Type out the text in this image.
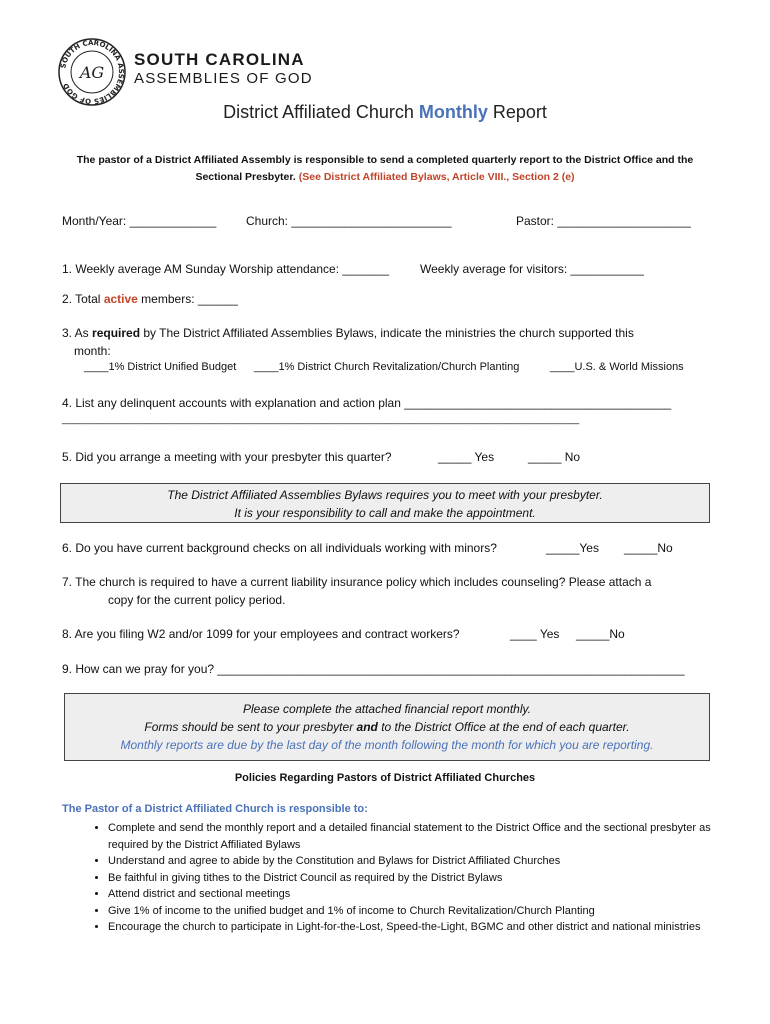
SOUTH CAROLINA ASSEMBLIES OF GOD
AG
SOUTH CAROLINA
ASSEMBLIES OF GOD
District Affiliated Church Monthly Report
The pastor of a District Affiliated Assembly is responsible to send a completed quarterly report to the District Office and the Sectional Presbyter. (See District Affiliated Bylaws, Article VIII., Section 2 (e)
Month/Year: _____________ Church: ________________________	Pastor: ____________________
1. Weekly average AM Sunday Worship attendance: _______	Weekly average for visitors: ___________
2. Total active members: ______
3. As required by The District Affiliated Assemblies Bylaws, indicate the ministries the church supported this
month:
____1% District Unified Budget ____1% District Church Revitalization/Church Planting	____U.S. & World Missions
4. List any delinquent accounts with explanation and action plan ________________________________________
_____________________________________________________________________________________________
5. Did you arrange a meeting with your presbyter this quarter?	_____ Yes	_____ No
The District Affiliated Assemblies Bylaws requires you to meet with your presbyter.
It is your responsibility to call and make the appointment.
6. Do you have current background checks on all individuals working with minors?	_____Yes _____No
7. The church is required to have a current liability insurance policy which includes counseling? Please attach a
copy for the current policy period.
8. Are you filing W2 and/or 1099 for your employees and contract workers?	____ Yes _____No
9. How can we pray for you? ______________________________________________________________________
Please complete the attached financial report monthly.
Forms should be sent to your presbyter and to the District Office at the end of each quarter.
Monthly reports are due by the last day of the month following the month for which you are reporting.
Policies Regarding Pastors of District Affiliated Churches
The Pastor of a District Affiliated Church is responsible to:
• Complete and send the monthly report and a detailed financial statement to the District Office and the sectional presbyter as required by the District Affiliated Bylaws
• Understand and agree to abide by the Constitution and Bylaws for District Affiliated Churches
• Be faithful in giving tithes to the District Council as required by the District Bylaws
• Attend district and sectional meetings
• Give 1% of income to the unified budget and 1% of income to Church Revitalization/Church Planting
• Encourage the church to participate in Light-for-the-Lost, Speed-the-Light, BGMC and other district and national ministries
